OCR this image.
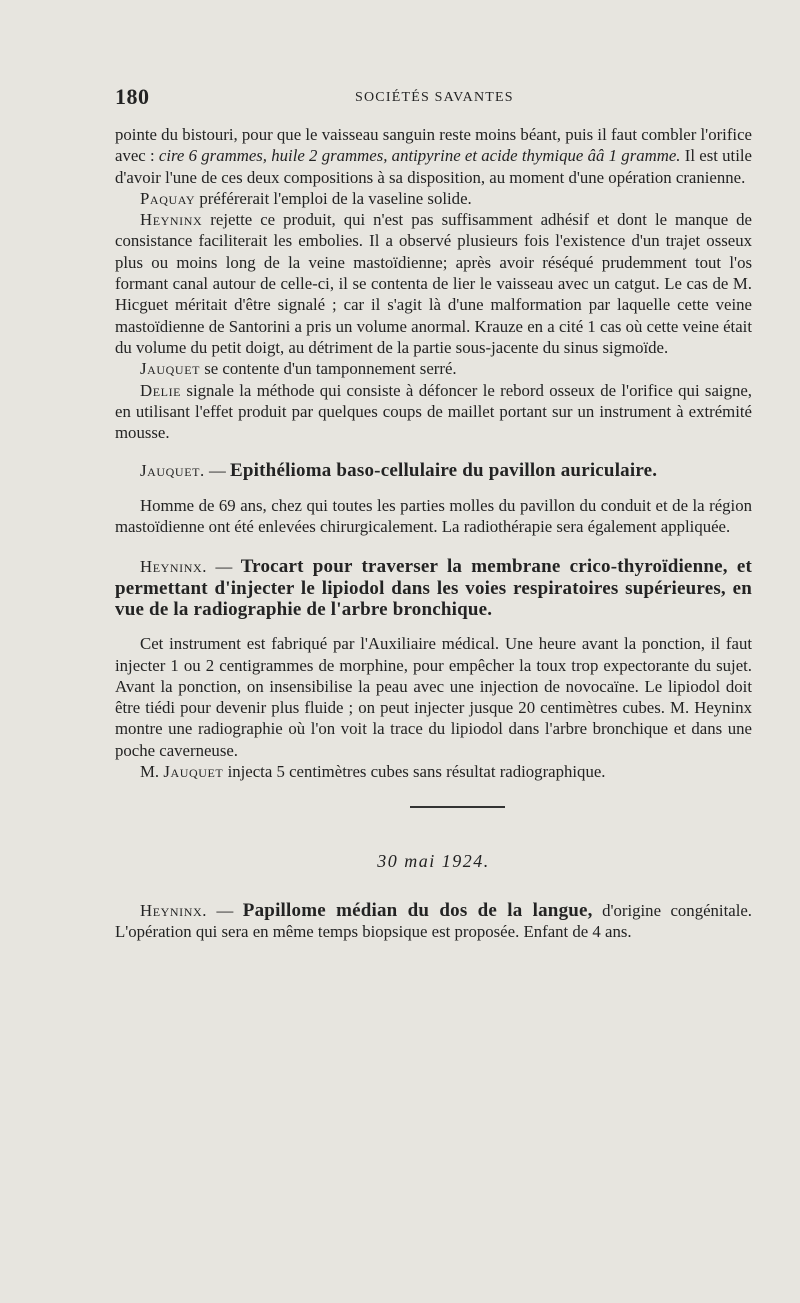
180	SOCIÉTÉS SAVANTES

pointe du bistouri, pour que le vaisseau sanguin reste moins béant, puis il faut combler l'orifice avec : cire 6 grammes, huile 2 grammes, antipyrine et acide thymique ââ 1 gramme. Il est utile d'avoir l'une de ces deux compositions à sa disposition, au moment d'une opération cranienne.

Paquay préférerait l'emploi de la vaseline solide.

Heyninx rejette ce produit, qui n'est pas suffisamment adhésif et dont le manque de consistance faciliterait les embolies. Il a observé plusieurs fois l'existence d'un trajet osseux plus ou moins long de la veine mastoïdienne; après avoir réséqué prudemment tout l'os formant canal autour de celle-ci, il se contenta de lier le vaisseau avec un catgut. Le cas de M. Hicguet méritait d'être signalé ; car il s'agit là d'une malformation par laquelle cette veine mastoïdienne de Santorini a pris un volume anormal. Krauze en a cité 1 cas où cette veine était du volume du petit doigt, au détriment de la partie sous-jacente du sinus sigmoïde.

Jauquet se contente d'un tamponnement serré.

Delie signale la méthode qui consiste à défoncer le rebord osseux de l'orifice qui saigne, en utilisant l'effet produit par quelques coups de maillet portant sur un instrument à extrémité mousse.

Jauquet. — Epithélioma baso-cellulaire du pavillon auriculaire.

Homme de 69 ans, chez qui toutes les parties molles du pavillon du conduit et de la région mastoïdienne ont été enlevées chirurgicalement. La radiothérapie sera également appliquée.

Heyninx. — Trocart pour traverser la membrane crico-thyroïdienne, et permettant d'injecter le lipiodol dans les voies respiratoires supérieures, en vue de la radiographie de l'arbre bronchique.

Cet instrument est fabriqué par l'Auxiliaire médical. Une heure avant la ponction, il faut injecter 1 ou 2 centigrammes de morphine, pour empêcher la toux trop expectorante du sujet. Avant la ponction, on insensibilise la peau avec une injection de novocaïne. Le lipiodol doit être tiédi pour devenir plus fluide ; on peut injecter jusque 20 centimètres cubes. M. Heyninx montre une radiographie où l'on voit la trace du lipiodol dans l'arbre bronchique et dans une poche caverneuse.

M. Jauquet injecta 5 centimètres cubes sans résultat radiographique.

30 mai 1924.

Heyninx. — Papillome médian du dos de la langue, d'origine congénitale. L'opération qui sera en même temps biopsique est proposée. Enfant de 4 ans.
